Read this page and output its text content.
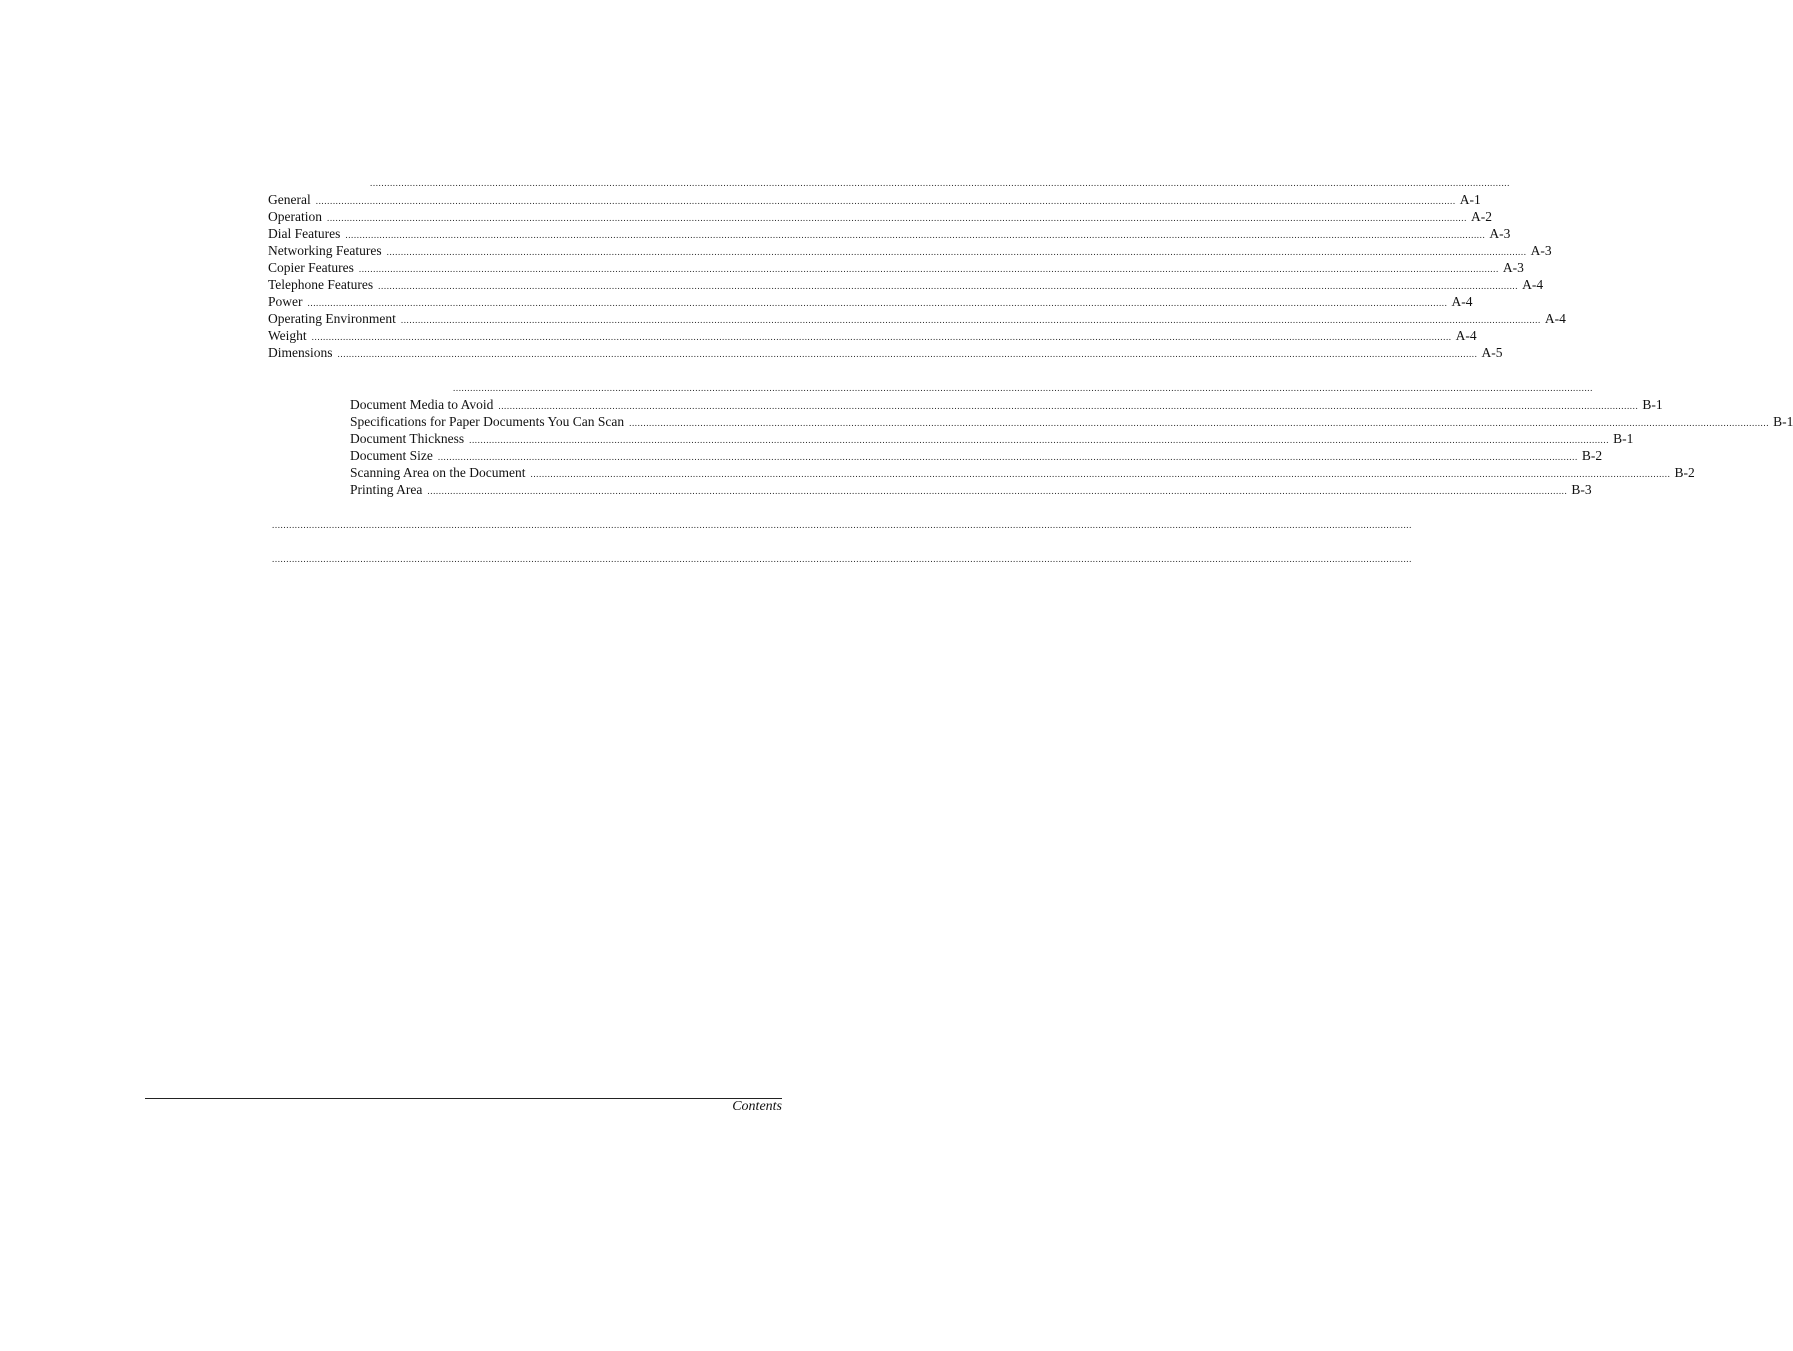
................................................................................................................................................................................................................................................................................................................................................................................................................
General ................................................................................................................................................................................................................................................................................................................................................................................................................ A-1
Operation ................................................................................................................................................................................................................................................................................................................................................................................................................ A-2
Dial Features ................................................................................................................................................................................................................................................................................................................................................................................................................ A-3
Networking Features ................................................................................................................................................................................................................................................................................................................................................................................................................ A-3
Copier Features ................................................................................................................................................................................................................................................................................................................................................................................................................ A-3
Telephone Features ................................................................................................................................................................................................................................................................................................................................................................................................................ A-4
Power ................................................................................................................................................................................................................................................................................................................................................................................................................ A-4
Operating Environment ................................................................................................................................................................................................................................................................................................................................................................................................................ A-4
Weight ................................................................................................................................................................................................................................................................................................................................................................................................................ A-4
Dimensions ................................................................................................................................................................................................................................................................................................................................................................................................................ A-5
................................................................................................................................................................................................................................................................................................................................................................................................................
Document Media to Avoid ................................................................................................................................................................................................................................................................................................................................................................................................................ B-1
Specifications for Paper Documents You Can Scan ................................................................................................................................................................................................................................................................................................................................................................................................................ B-1
Document Thickness ................................................................................................................................................................................................................................................................................................................................................................................................................ B-1
Document Size ................................................................................................................................................................................................................................................................................................................................................................................................................ B-2
Scanning Area on the Document ................................................................................................................................................................................................................................................................................................................................................................................................................ B-2
Printing Area ................................................................................................................................................................................................................................................................................................................................................................................................................ B-3
................................................................................................................................................................................................................................................................................................................................................................................................................
................................................................................................................................................................................................................................................................................................................................................................................................................
Contents
